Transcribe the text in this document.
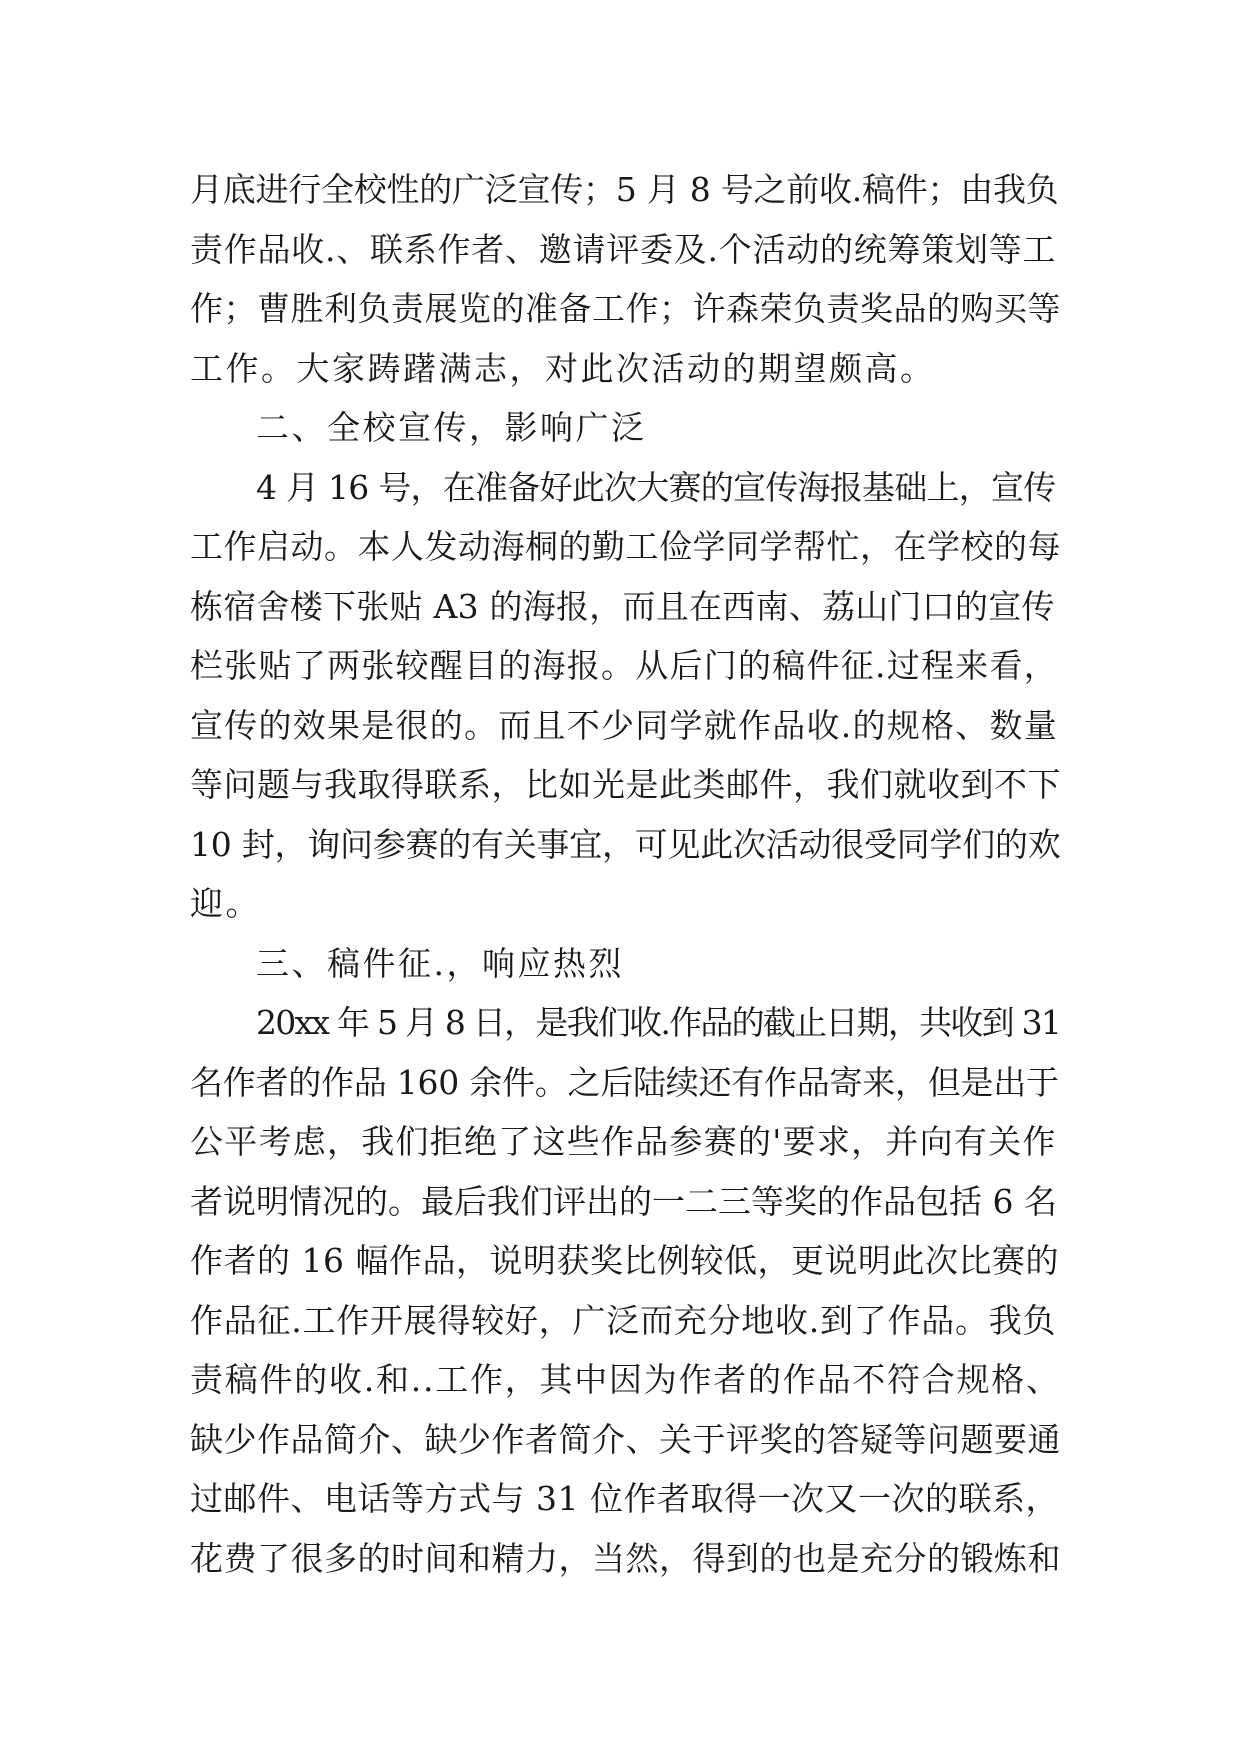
月底进行全校性的广泛宣传；5 月 8 号之前收.稿件；由我负
责作品收.、联系作者、邀请评委及.个活动的统筹策划等工
作；曹胜利负责展览的准备工作；许森荣负责奖品的购买等
工作。大家踌躇满志，对此次活动的期望颇高。
二、全校宣传，影响广泛
4 月 16 号，在准备好此次大赛的宣传海报基础上，宣传
工作启动。本人发动海桐的勤工俭学同学帮忙，在学校的每
栋宿舍楼下张贴 A3 的海报，而且在西南、荔山门口的宣传
栏张贴了两张较醒目的海报。从后门的稿件征.过程来看，
宣传的效果是很的。而且不少同学就作品收.的规格、数量
等问题与我取得联系，比如光是此类邮件，我们就收到不下
10 封，询问参赛的有关事宜，可见此次活动很受同学们的欢
迎。
三、稿件征.，响应热烈
20xx 年 5 月 8 日，是我们收.作品的截止日期，共收到 31
名作者的作品 160 余件。之后陆续还有作品寄来，但是出于
公平考虑，我们拒绝了这些作品参赛的'要求，并向有关作
者说明情况的。最后我们评出的一二三等奖的作品包括 6 名
作者的 16 幅作品，说明获奖比例较低，更说明此次比赛的
作品征.工作开展得较好，广泛而充分地收.到了作品。我负
责稿件的收.和..工作，其中因为作者的作品不符合规格、
缺少作品简介、缺少作者简介、关于评奖的答疑等问题要通
过邮件、电话等方式与 31 位作者取得一次又一次的联系，
花费了很多的时间和精力，当然，得到的也是充分的锻炼和
